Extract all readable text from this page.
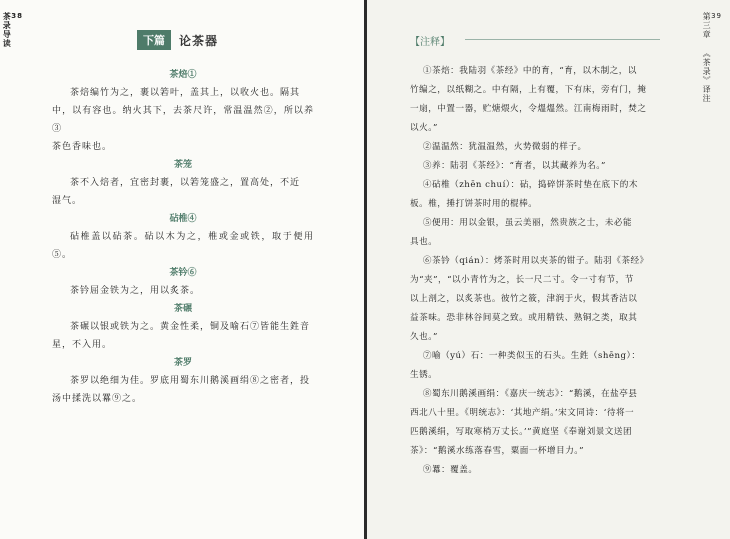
38
茶录导读	下篇	论茶器

茶焙①

茶焙编竹为之，裹以箬叶，盖其上，以收火也。隔其
中，以有容也。纳火其下，去茶尺许，常温温然②，所以养③
茶色香味也。

茶笼

茶不入焙者，宜密封裹，以箬笼盛之，置高处，不近
湿气。

砧椎④

砧椎盖以砧茶。砧以木为之，椎或金或铁，取于便用⑤。

茶钤⑥

茶钤屈金铁为之，用以炙茶。

茶碾

茶碾以银或铁为之。黄金性柔，铜及喻石⑦皆能生鉎音
星，不入用。

茶罗

茶罗以绝细为佳。罗底用蜀东川鹅溪画绢⑧之密者，投
汤中揉洗以羃⑨之。

39
第三章 《茶录》译注
【注释】

①茶焙：我陆羽《茶经》中的育，“育，以木制之，以
竹编之，以纸糊之。中有隔，上有覆，下有床，旁有门，掩
一扇，中置一器，贮煻煨火，令熅熅然。江南梅雨时，焚之
以火。”

②温温然：犹温温然，火势微弱的样子。

③养：陆羽《茶经》：“育者，以其藏养为名。”

④砧椎（zhēn chuí）：砧，捣碎饼茶时垫在底下的木
板。椎，捶打饼茶时用的棍棒。

⑤便用：用以金银，虽云美丽，然贵族之士，未必能
具也。

⑥茶钤（qián）：烤茶时用以夹茶的钳子。陆羽《茶经》
为“夹”，“以小青竹为之，长一尺二寸。令一寸有节，节
以上剖之，以炙茶也。彼竹之筱，津润于火，假其香洁以
益茶味。恐非林谷间莫之致。或用精铁、熟铜之类，取其
久也。”

⑦喻（yú）石：一种类似玉的石头。生鉎（shēng）：
生锈。

⑧蜀东川鹅溪画绢：《嘉庆一统志》：“鹅溪，在盐亭县
西北八十里。《明统志》：‘其地产绢。’宋文同诗：‘待将一
匹鹅溪绢，写取寒梢万丈长。’”黄庭坚《奉谢刘景文送团
茶》：“鹅溪水练落春雪，粟面一杯增目力。”

⑨羃：覆盖。
